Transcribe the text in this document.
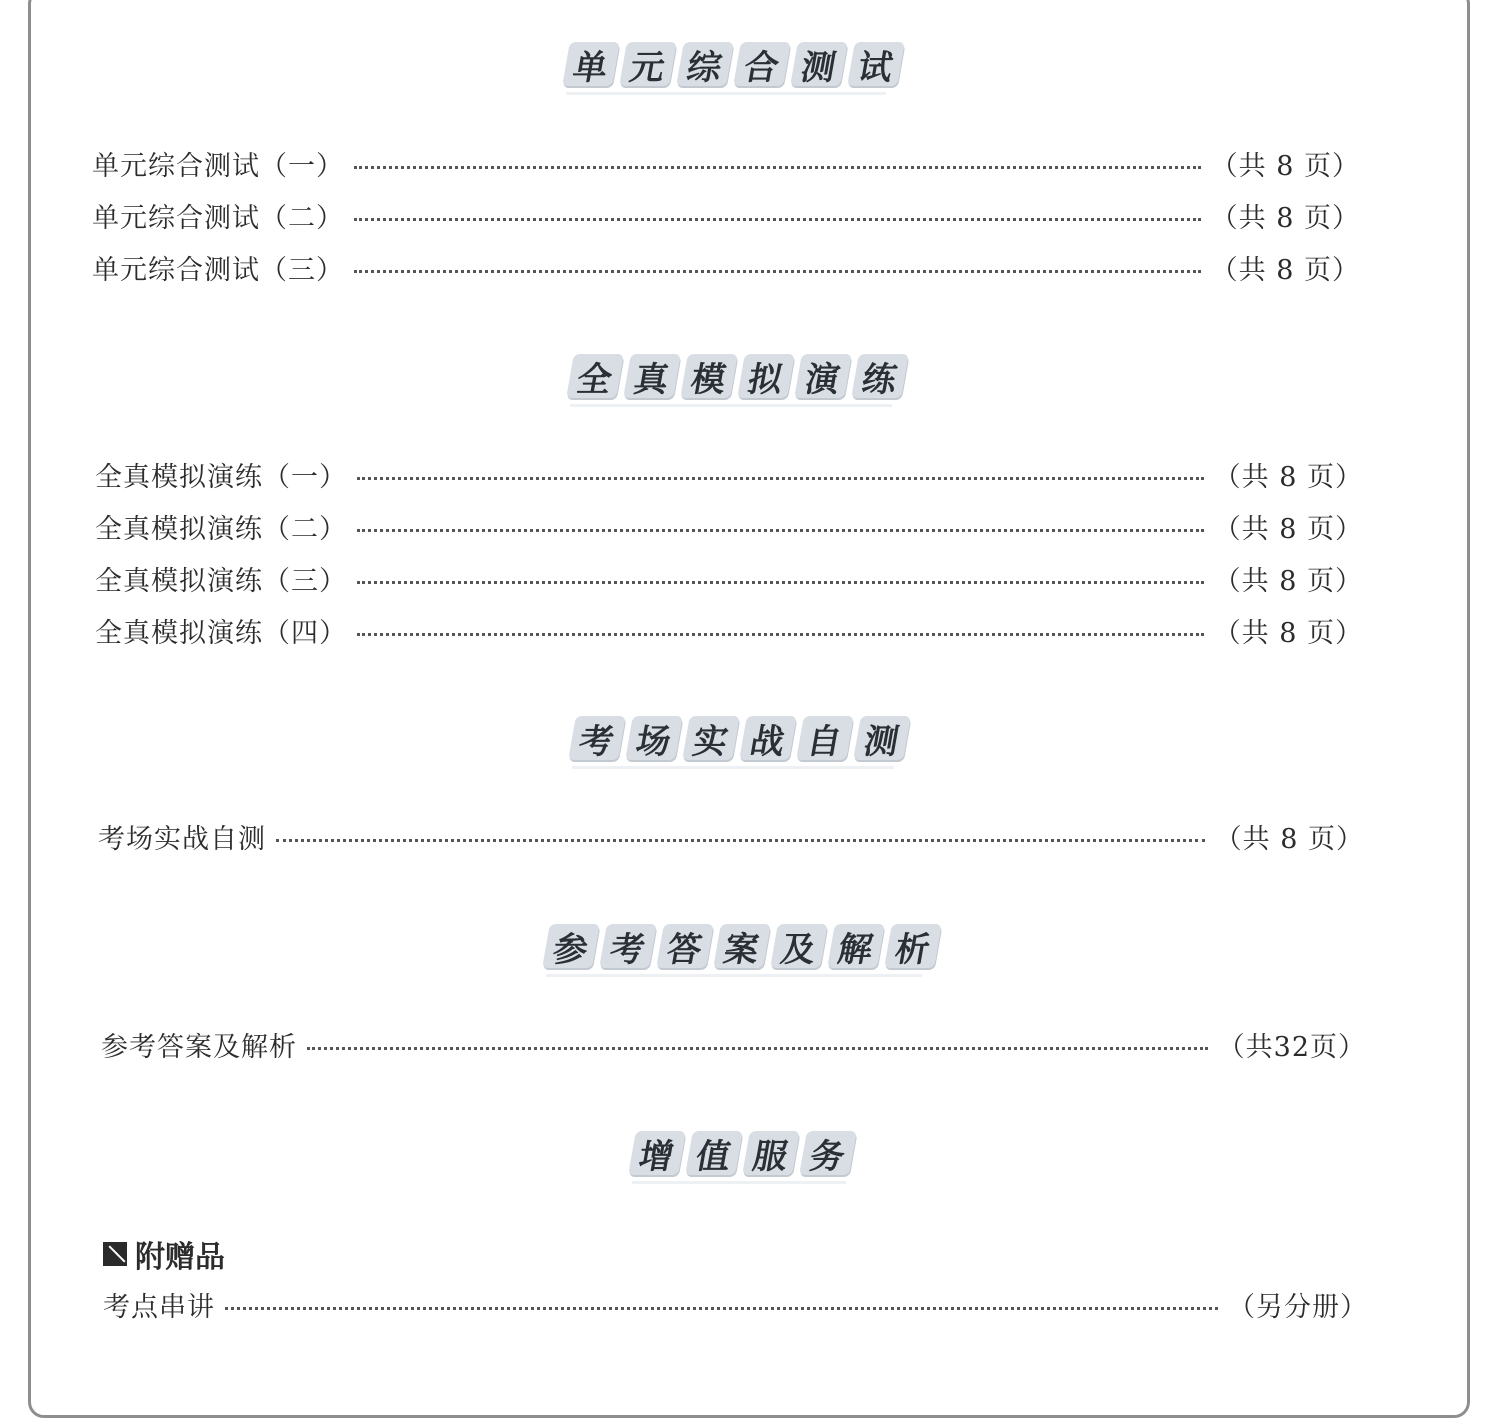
单 元 综 合 测 试
单元综合测试（一）	（共 8 页）
单元综合测试（二）	（共 8 页）
单元综合测试（三）	（共 8 页）
全 真 模 拟 演 练
全真模拟演练（一）	（共 8 页）
全真模拟演练（二）	（共 8 页）
全真模拟演练（三）	（共 8 页）
全真模拟演练（四）	（共 8 页）
考 场 实 战 自 测
考场实战自测	（共 8 页）
参 考 答 案 及 解 析
参考答案及解析	（共32页）
增 值 服 务
附赠品
考点串讲	（另分册）
